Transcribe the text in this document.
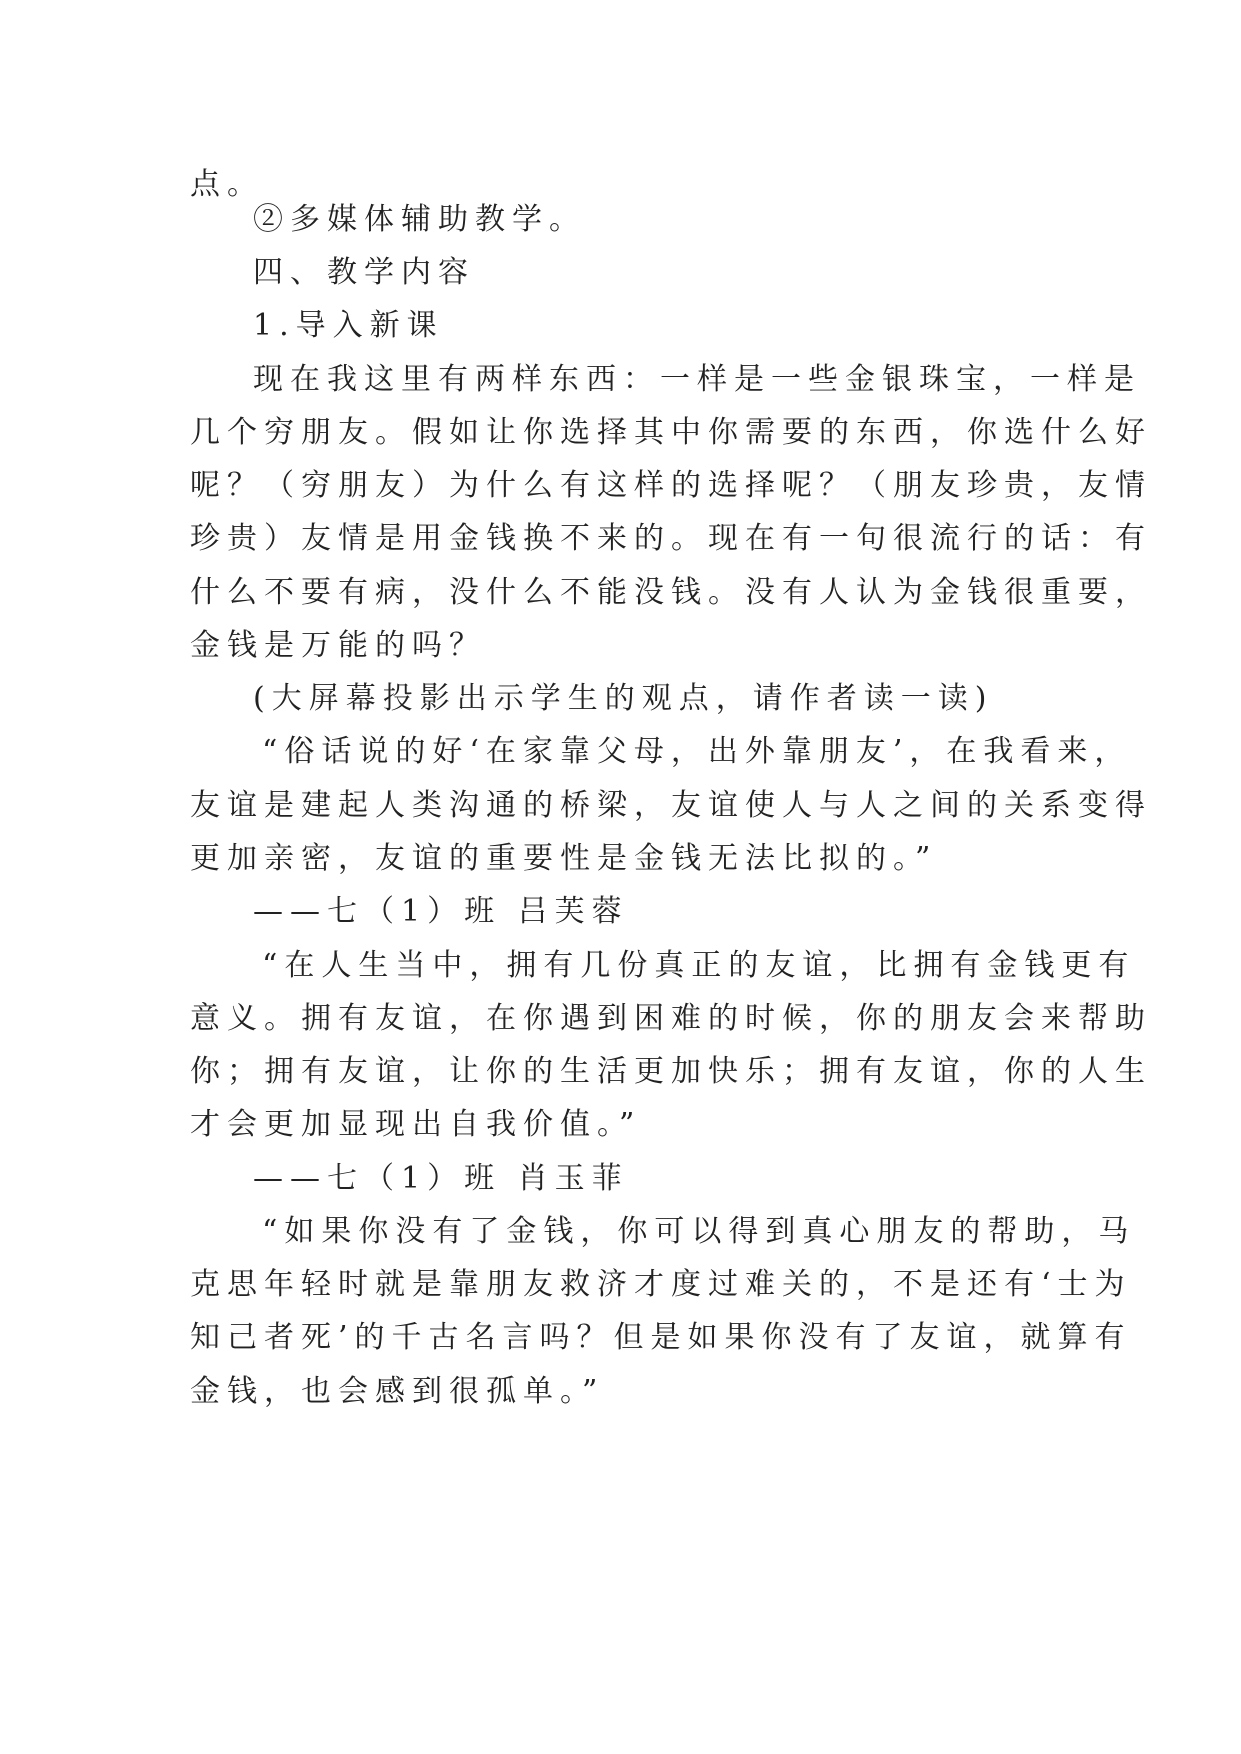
点。
②多媒体辅助教学。
四、教学内容
1.导入新课
现在我这里有两样东西：一样是一些金银珠宝，一样是
几个穷朋友。假如让你选择其中你需要的东西，你选什么好
呢？（穷朋友）为什么有这样的选择呢？（朋友珍贵，友情
珍贵）友情是用金钱换不来的。现在有一句很流行的话：有
什么不要有病，没什么不能没钱。没有人认为金钱很重要，
金钱是万能的吗？
(大屏幕投影出示学生的观点，请作者读一读)
“俗话说的好‘在家靠父母，出外靠朋友’，在我看来，
友谊是建起人类沟通的桥梁，友谊使人与人之间的关系变得
更加亲密，友谊的重要性是金钱无法比拟的。”
——七（1）班 吕芙蓉
“在人生当中，拥有几份真正的友谊，比拥有金钱更有
意义。拥有友谊，在你遇到困难的时候，你的朋友会来帮助
你；拥有友谊，让你的生活更加快乐；拥有友谊，你的人生
才会更加显现出自我价值。”
——七（1）班 肖玉菲
“如果你没有了金钱，你可以得到真心朋友的帮助，马
克思年轻时就是靠朋友救济才度过难关的，不是还有‘士为
知己者死’的千古名言吗？但是如果你没有了友谊，就算有
金钱，也会感到很孤单。”
